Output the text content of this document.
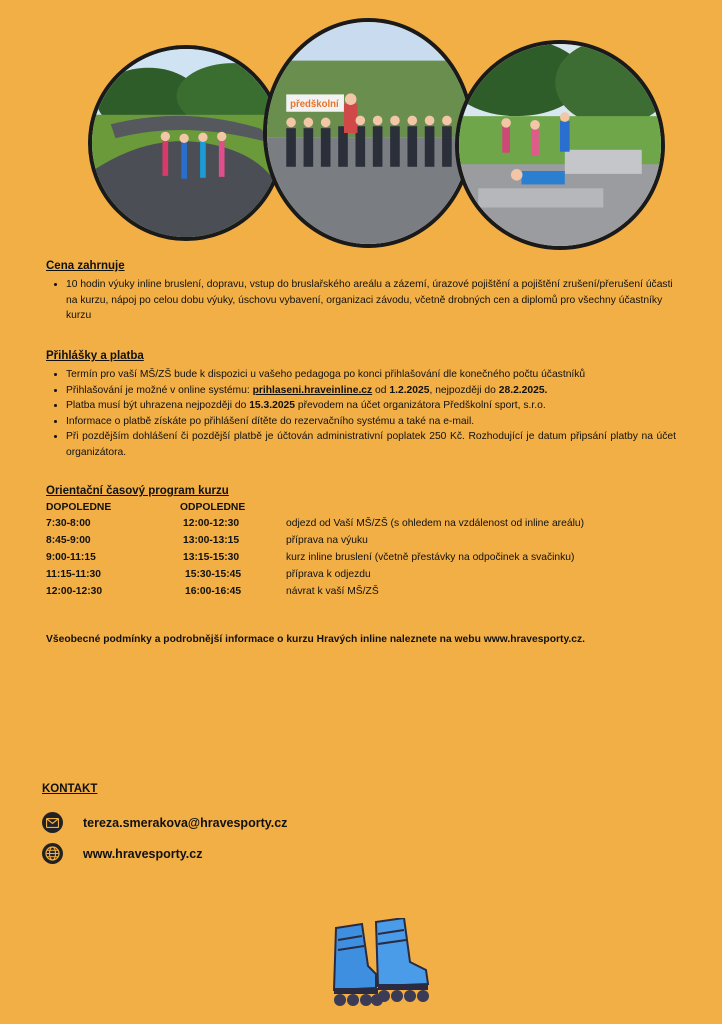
předškolní
Cena zahrnuje
• 10 hodin výuky inline bruslení, dopravu, vstup do bruslařského areálu a zázemí, úrazové pojištění a pojištění zrušení/přerušení účasti na kurzu, nápoj po celou dobu výuky, úschovu vybavení, organizaci závodu, včetně drobných cen a diplomů pro všechny účastníky kurzu
Přihlášky a platba
• Termín pro vaší MŠ/ZŠ bude k dispozici u vašeho pedagoga po konci přihlašování dle konečného počtu účastníků
• Přihlašování je možné v online systému: prihlaseni.hraveinline.cz od 1.2.2025, nejpozději do 28.2.2025.
• Platba musí být uhrazena nejpozději do 15.3.2025 převodem na účet organizátora Předškolní sport, s.r.o.
• Informace o platbě získáte po přihlášení dítěte do rezervačního systému a také na e-mail.
• Při pozdějším dohlášení či pozdější platbě je účtován administrativní poplatek 250 Kč. Rozhodující je datum připsání platby na účet organizátora.
Orientační časový program kurzu
DOPOLEDNE	ODPOLEDNE
7:30-8:00	12:00-12:30	odjezd od Vaší MŠ/ZŠ (s ohledem na vzdálenost od inline areálu)
8:45-9:00	13:00-13:15	příprava na výuku
9:00-11:15	13:15-15:30	kurz inline bruslení (včetně přestávky na odpočinek a svačinku)
11:15-11:30	15:30-15:45	příprava k odjezdu
12:00-12:30	16:00-16:45	návrat k vaší MŠ/ZŠ
Všeobecné podmínky a podrobnější informace o kurzu Hravých inline naleznete na webu www.hravesporty.cz.
KONTAKT
tereza.smerakova@hravesporty.cz
www.hravesporty.cz
